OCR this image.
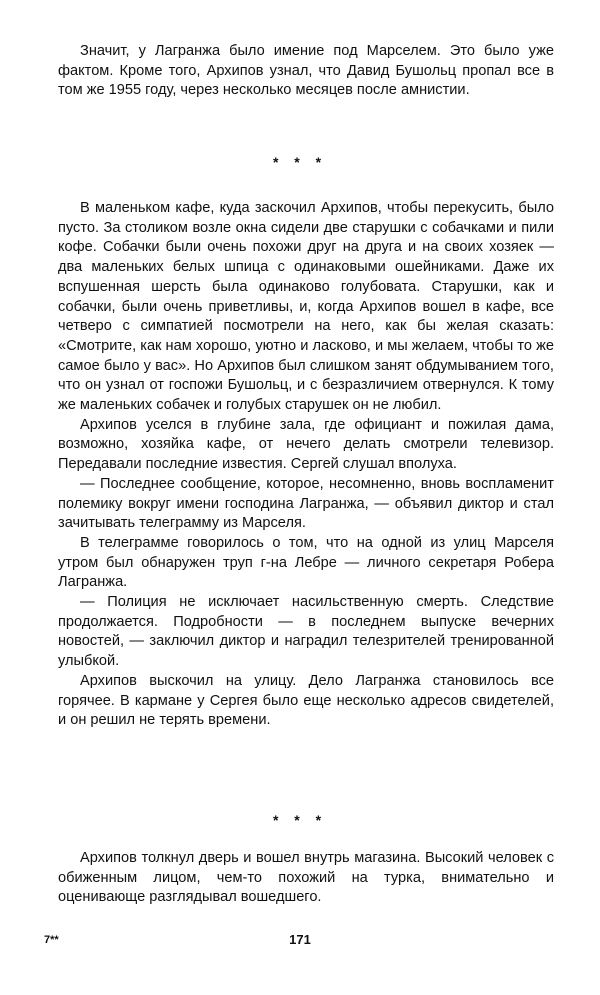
Значит, у Лагранжа было имение под Марселем. Это было уже фактом. Кроме того, Архипов узнал, что Давид Бушольц пропал все в том же 1955 году, через несколько месяцев после амнистии.

* * *

В маленьком кафе, куда заскочил Архипов, чтобы перекусить, было пусто. За столиком возле окна сидели две старушки с собачками и пили кофе. Собачки были очень похожи друг на друга и на своих хозяек — два маленьких белых шпица с одинаковыми ошейниками. Даже их вспушенная шерсть была одинаково голубовата. Старушки, как и собачки, были очень приветливы, и, когда Архипов вошел в кафе, все четверо с симпатией посмотрели на него, как бы желая сказать: «Смотрите, как нам хорошо, уютно и ласково, и мы желаем, чтобы то же самое было у вас». Но Архипов был слишком занят обдумыванием того, что он узнал от госпожи Бушольц, и с безразличием отвернулся. К тому же маленьких собачек и голубых старушек он не любил.

Архипов уселся в глубине зала, где официант и пожилая дама, возможно, хозяйка кафе, от нечего делать смотрели телевизор. Передавали последние известия. Сергей слушал вполуха.

— Последнее сообщение, которое, несомненно, вновь воспламенит полемику вокруг имени господина Лагранжа, — объявил диктор и стал зачитывать телеграмму из Марселя.

В телеграмме говорилось о том, что на одной из улиц Марселя утром был обнаружен труп г-на Лебре — личного секретаря Робера Лагранжа.

— Полиция не исключает насильственную смерть. Следствие продолжается. Подробности — в последнем выпуске вечерних новостей, — заключил диктор и наградил телезрителей тренированной улыбкой.

Архипов выскочил на улицу. Дело Лагранжа становилось все горячее. В кармане у Сергея было еще несколько адресов свидетелей, и он решил не терять времени.

* * *

Архипов толкнул дверь и вошел внутрь магазина. Высокий человек с обиженным лицом, чем-то похожий на турка, внимательно и оценивающе разглядывал вошедшего.

7**	171
